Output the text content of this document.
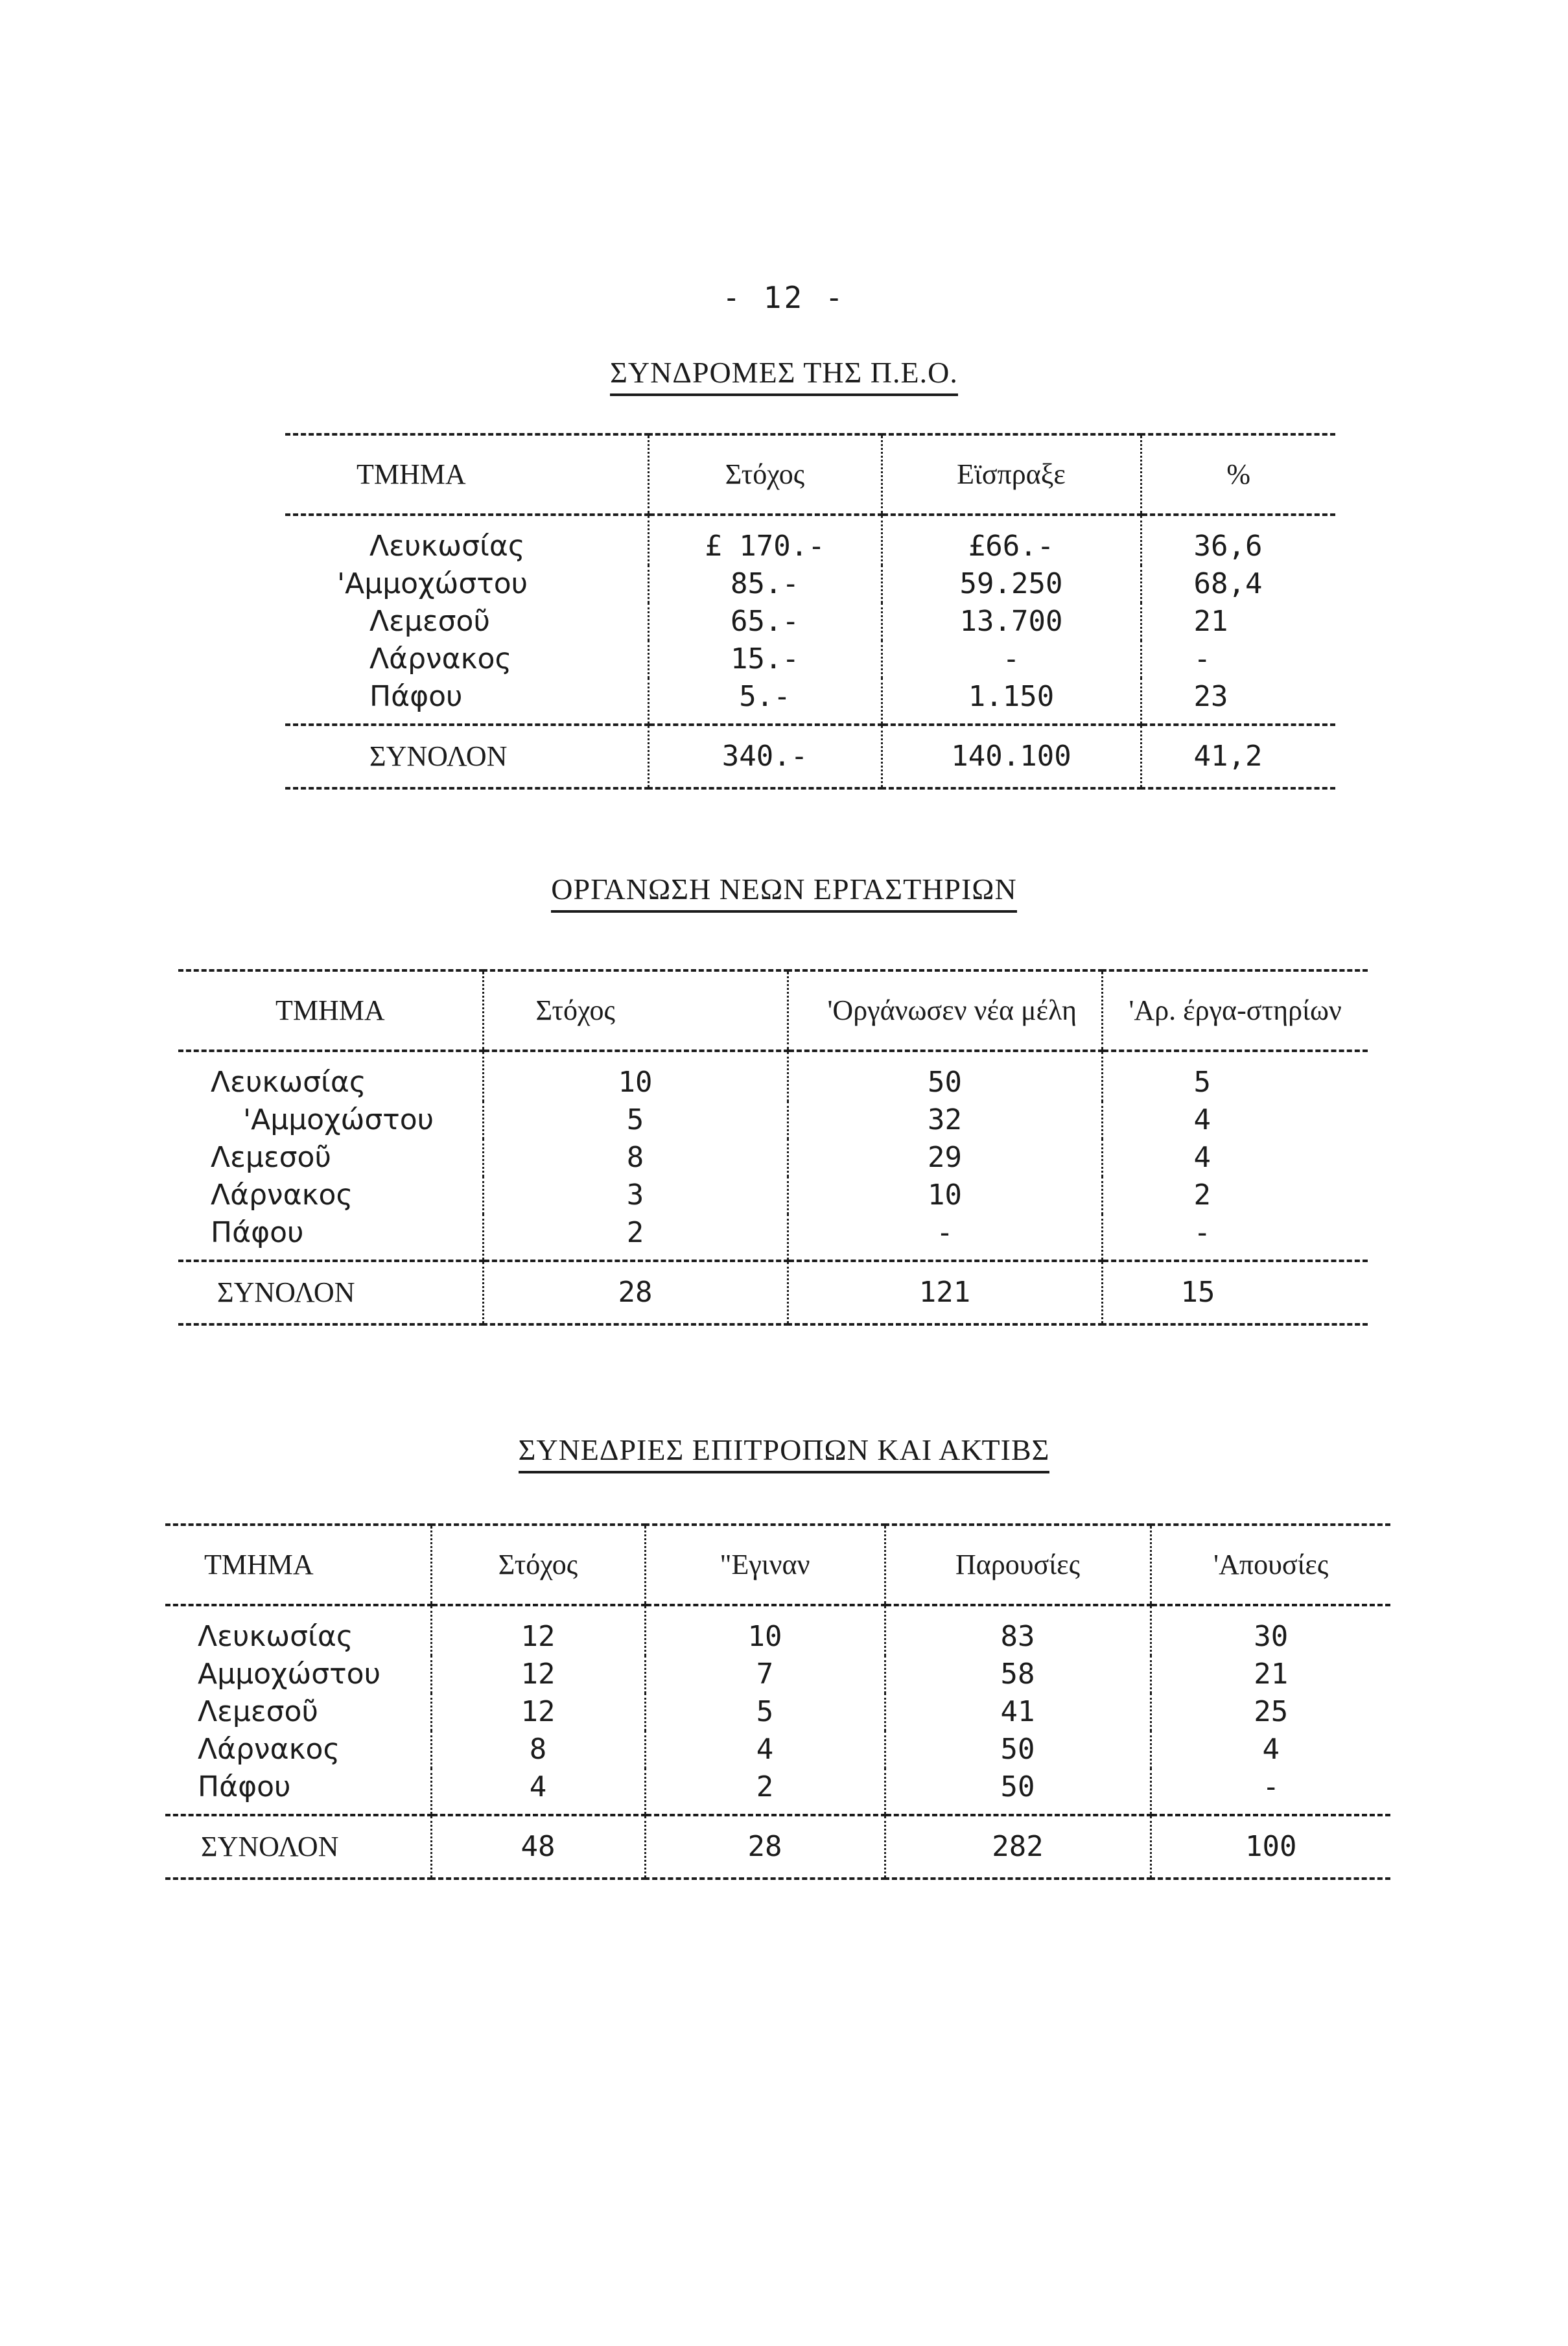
- 12 -
ΣΥΝΔΡΟΜΕΣ ΤΗΣ Π.Ε.Ο.
ΤΜΗΜΑ	Στόχος	Εϊσπραξε	%
Λευκωσίας	£ 170.-	£66.-	36,6
'Αμμοχώστου	85.-	59.250	68,4
Λεμεσοῦ	65.-	13.700	21
Λάρνακος	15.-	-	-
Πάφου	5.-	1.150	23
ΣΥΝΟΛΟΝ	340.-	140.100	41,2
ΟΡΓΑΝΩΣΗ ΝΕΩΝ ΕΡΓΑΣΤΗΡΙΩΝ
ΤΜΗΜΑ	Στόχος	'Οργάνωσεν νέα μέλη	'Αρ. έργα-στηρίων
Λευκωσίας	10	50	5
'Αμμοχώστου	5	32	4
Λεμεσοῦ	8	29	4
Λάρνακος	3	10	2
Πάφου	2	-	-
ΣΥΝΟΛΟΝ	28	121	15
ΣΥΝΕΔΡΙΕΣ ΕΠΙΤΡΟΠΩΝ ΚΑΙ ΑΚΤΙΒΣ
ΤΜΗΜΑ	Στόχος	"Εγιναν	Παρουσίες	'Απουσίες
Λευκωσίας	12	10	83	30
Αμμοχώστου	12	7	58	21
Λεμεσοῦ	12	5	41	25
Λάρνακος	8	4	50	4
Πάφου	4	2	50	-
ΣΥΝΟΛΟΝ	48	28	282	100
